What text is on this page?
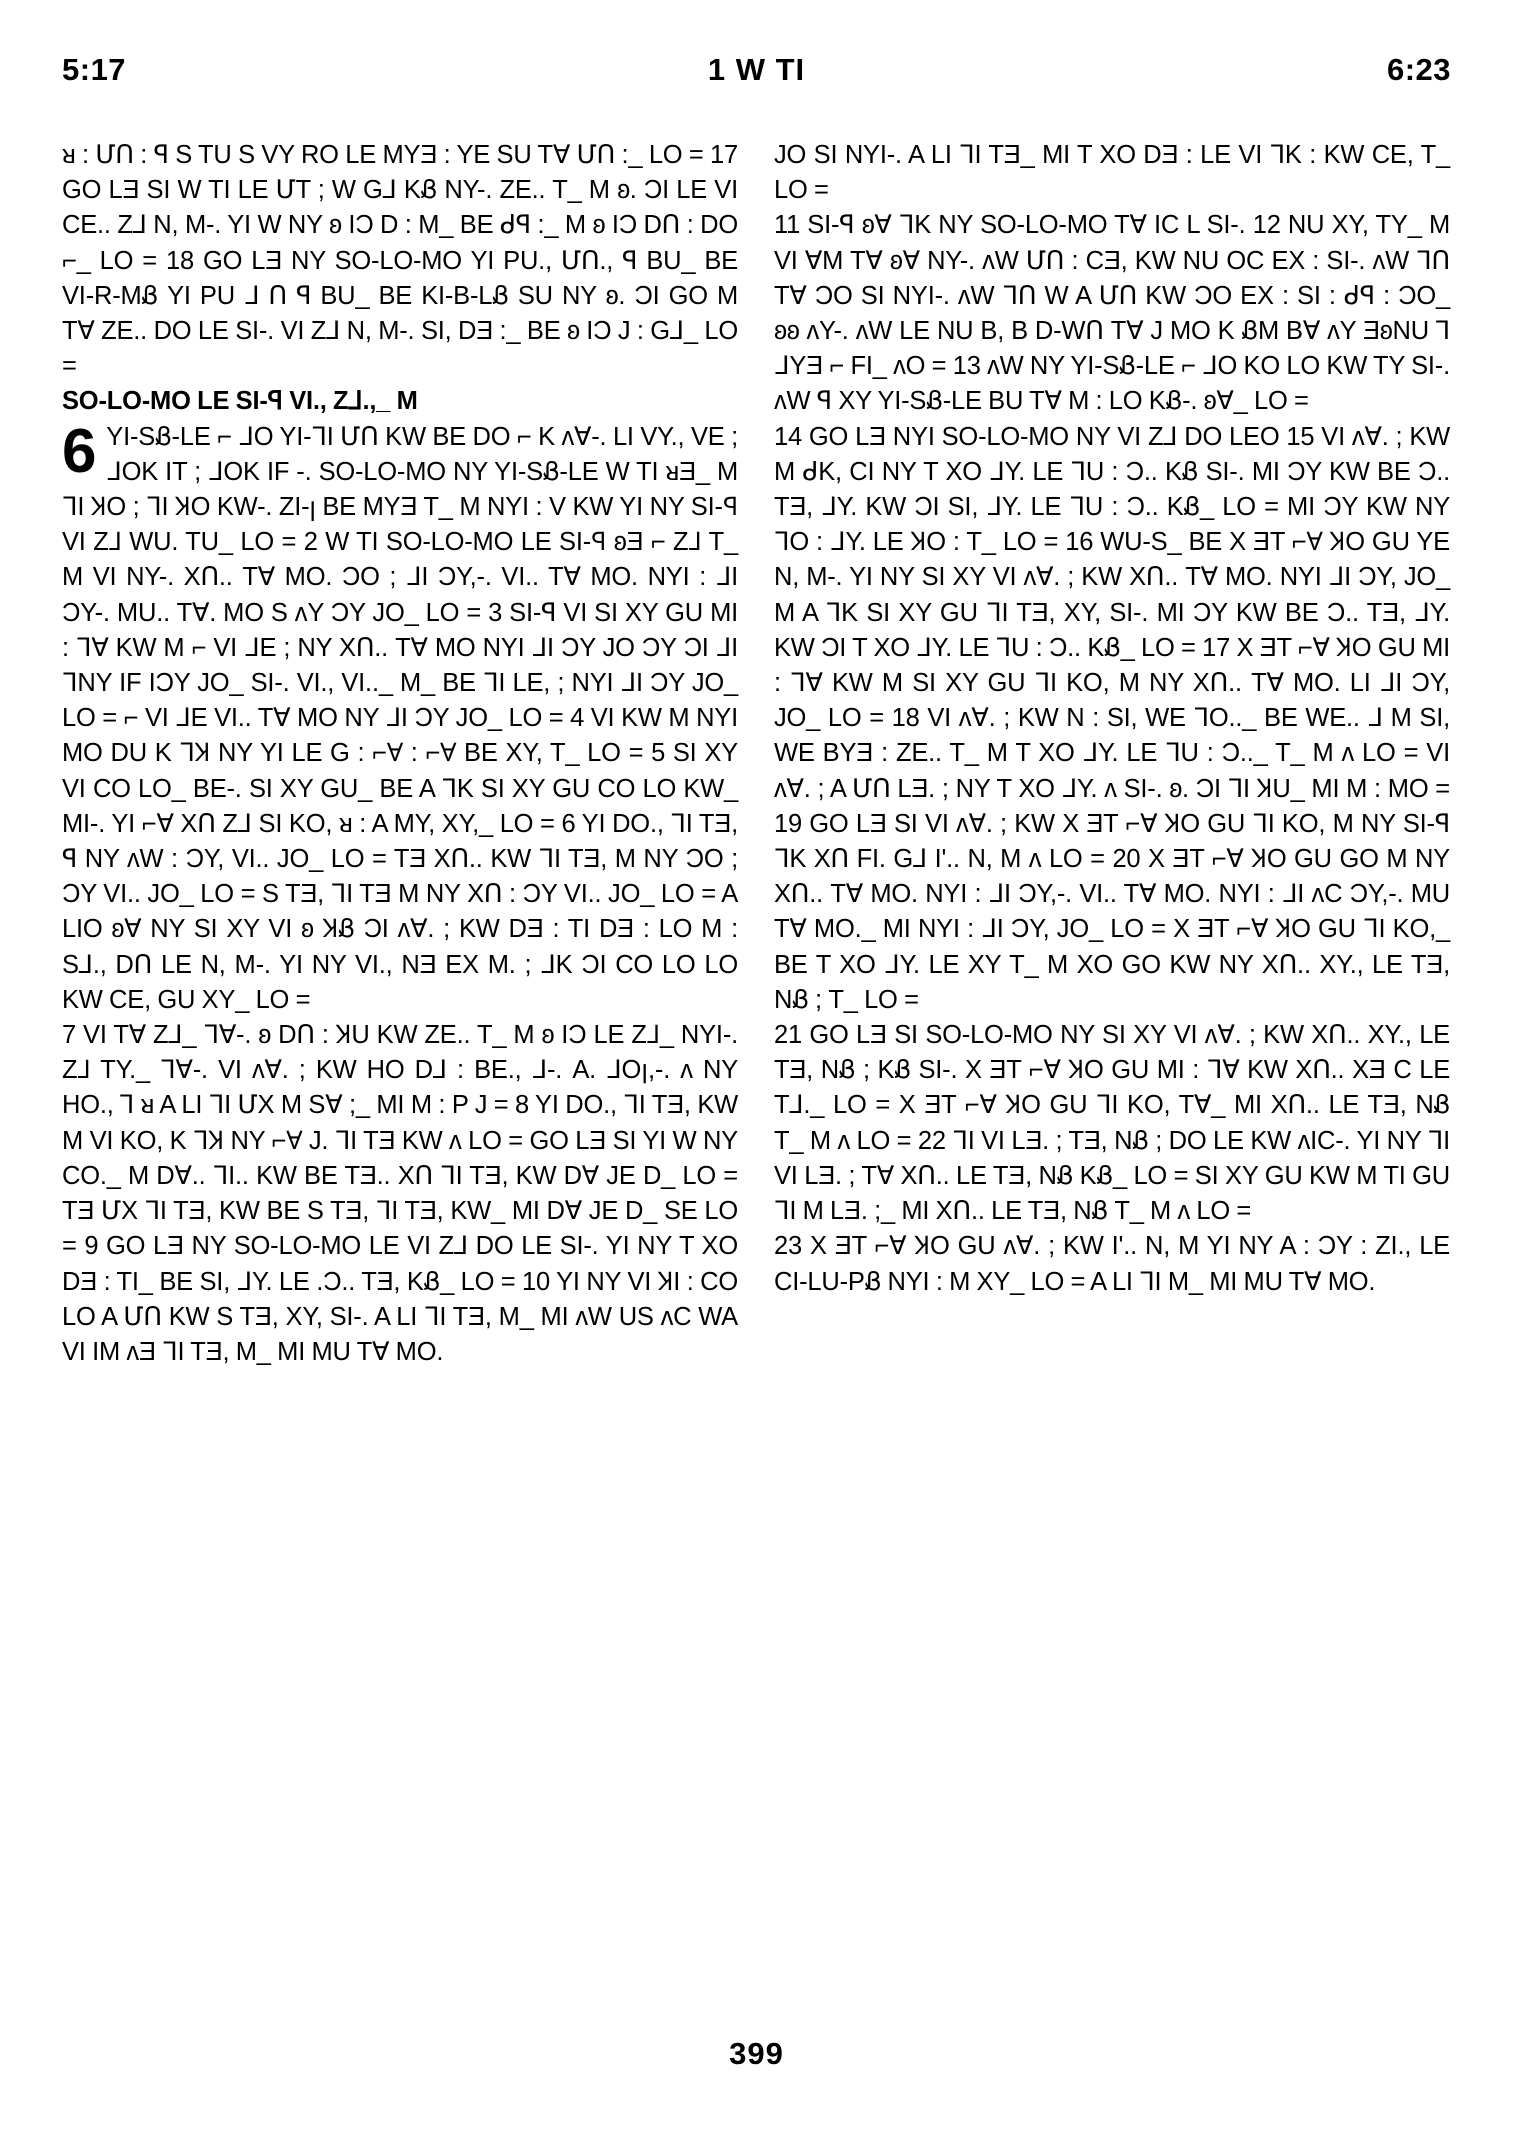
5:17	1 W TI	6:23

ᴚ : ՄՈ : ꟼ S TU S VY RO LE MYƎ : YE SU TⱯ ՄՈ :_ LO = 17 GO LƎ SI W TI LE ՄT ; W G⅃ KᏰ NY-. ZE.. T_ M ʚ. ƆI LE VI CE.. Z⅃ N, M-. YI W NY ʚ IƆ D : M_ BE ᑯꟼ :_ M ʚ IƆ DՈ : DO ⌐_ LO = 18 GO LƎ NY SO-LO-MO YI PU., ՄՈ., ꟼ BU_ BE VI-R-MᏰ YI PU ᒧ Ո ꟼ BU_ BE KI-B-LᏰ SU NY ʚ. ƆI GO M TⱯ ZE.. DO LE SI-. VI Z⅃ N, M-. SI, DƎ :_ BE ʚ IƆ J : G⅃_ LO =

SO-LO-MO LE SI-ꟼ VI., Z⅃.,_ M

6 YI-SᏰ-LE ⌐ ᒧO YI-ᒣI ՄՈ KW BE DO ⌐ K ᴧⱯ-. LI VY., VE ; ᒧOK IT ; ᒧOK IF -. SO-LO-MO NY YI-SᏰ-LE W TI ᴚƎ_ M ᒣI ꞰO ; ᒣI ꞰO KW-. ZI-ꞁ BE MYƎ T_ M NYI : V KW YI NY SI-ꟼ VI Z⅃ WU. TU_ LO = 2 W TI SO-LO-MO LE SI-ꟼ ʚƎ ⌐ Z⅃ T_ M VI NY-. XՈ.. TⱯ MO. ƆO ; ᒧI ƆY,-. VI.. TⱯ MO. NYI : ᒧI ƆY-. MU.. TⱯ. MO S ᴧY ƆY JO_ LO = 3 SI-ꟼ VI SI XY GU MI : ᒣⱯ KW M ⌐ VI ᒧE ; NY XՈ.. TⱯ MO NYI ᒧI ƆY JO ƆY ƆI ᒧI ᒣNY IF IƆY JO_ SI-. VI., VI.._ M_ BE ᒣI LE, ; NYI ᒧI ƆY JO_ LO = ⌐ VI ᒧE VI.. TⱯ MO NY ᒧI ƆY JO_ LO = 4 VI KW M NYI MO DU K ᒣꞰ NY YI LE G : ⌐Ɐ : ⌐Ɐ BE XY, T_ LO = 5 SI XY VI CO LO_ BE-. SI XY GU_ BE A ᒣK SI XY GU CO LO KW_ MI-. YI ⌐Ɐ XՈ Z⅃ SI KO, ᴚ : A MY, XY,_ LO = 6 YI DO., ᒣI TƎ, ꟼ NY ᴧW : ƆY, VI.. JO_ LO = TƎ XՈ.. KW ᒣI TƎ, M NY ƆO ; ƆY VI.. JO_ LO = S TƎ, ᒣI TƎ M NY XՈ : ƆY VI.. JO_ LO = A LIO ʚⱯ NY SI XY VI ʚ ꞰᏰ ƆI ᴧⱯ. ; KW DƎ : TI DƎ : LO M : S⅃., DՈ LE N, M-. YI NY VI., NƎ EX M. ; ᒧK ƆI CO LO LO KW CE, GU XY_ LO =

7 VI TⱯ Z⅃_ ᒣⱯ-. ʚ DՈ : ꞰU KW ZE.. T_ M ʚ IƆ LE Z⅃_ NYI-. Z⅃ TY._ ᒣⱯ-. VI ᴧⱯ. ; KW HO D⅃ : BE., ᒧ-. A. ᒧOꞁ,-. ᴧ NY HO., ⅂ ᴚ A LI ᒣI ՄX M SⱯ ;_ MI M : P J = 8 YI DO., ᒣI TƎ, KW M VI KO, K ᒣꞰ NY ⌐Ɐ J. ᒣI TƎ KW ᴧ LO = GO LƎ SI YI W NY CO._ M DⱯ.. ᒣI.. KW BE TƎ.. XՈ ᒣI TƎ, KW DⱯ JE D_ LO = TƎ ՄX ᒣI TƎ, KW BE S TƎ, ᒣI TƎ, KW_ MI DⱯ JE D_ SE LO = 9 GO LƎ NY SO-LO-MO LE VI Z⅃ DO LE SI-. YI NY T XO DƎ : TI_ BE SI, ᒧY. LE .Ɔ.. TƎ, KᏰ_ LO = 10 YI NY VI ꞰI : CO LO A ՄՈ KW S TƎ, XY, SI-. A LI ᒣI TƎ, M_ MI ᴧW US ᴧC WA VI IM ᴧƎ ᒣI TƎ, M_ MI MU TⱯ MO.

JO SI NYI-. A LI ᒣI TƎ_ MI T XO DƎ : LE VI ᒣK : KW CE, T_ LO =

11 SI-ꟼ ʚⱯ ᒣK NY SO-LO-MO TⱯ IC L SI-. 12 NU XY, TY_ M VI ⱯM TⱯ ʚⱯ NY-. ᴧW ՄՈ : CƎ, KW NU OC EX : SI-. ᴧW ᒣՈ TⱯ ƆO SI NYI-. ᴧW ᒣՈ W A ՄՈ KW ƆO EX : SI : ᑯꟼ : ƆO_ ʚʚ ᴧY-. ᴧW LE NU B, B D-WՈ TⱯ J MO K ᏰM BⱯ ᴧY ƎʚNU ⅂ ᒧYƎ ⌐ FI_ ᴧO = 13 ᴧW NY YI-SᏰ-LE ⌐ ᒧO KO LO KW TY SI-. ᴧW ꟼ XY YI-SᏰ-LE BU TⱯ M : LO KᏰ-. ʚⱯ_ LO =

14 GO LƎ NYI SO-LO-MO NY VI Z⅃ DO LEO 15 VI ᴧⱯ. ; KW M ᑯK, CI NY T XO ᒧY. LE ᒣU : Ɔ.. KᏰ SI-. MI ƆY KW BE Ɔ.. TƎ, ᒧY. KW ƆI SI, ᒧY. LE ᒣU : Ɔ.. KᏰ_ LO = MI ƆY KW NY ᒣO : ᒧY. LE ꞰO : T_ LO = 16 WU-S_ BE X ƎT ⌐Ɐ ꞰO GU YE N, M-. YI NY SI XY VI ᴧⱯ. ; KW XՈ.. TⱯ MO. NYI ᒧI ƆY, JO_ M A ᒣK SI XY GU ᒣI TƎ, XY, SI-. MI ƆY KW BE Ɔ.. TƎ, ᒧY. KW ƆI T XO ᒧY. LE ᒣU : Ɔ.. KᏰ_ LO = 17 X ƎT ⌐Ɐ ꞰO GU MI : ᒣⱯ KW M SI XY GU ᒣI KO, M NY XՈ.. TⱯ MO. LI ᒧI ƆY, JO_ LO = 18 VI ᴧⱯ. ; KW N : SI, WE ᒣO.._ BE WE.. ᒧ M SI, WE BYƎ : ZE.. T_ M T XO ᒧY. LE ᒣU : Ɔ.._ T_ M ᴧ LO = VI ᴧⱯ. ; A ՄՈ LƎ. ; NY T XO ᒧY. ᴧ SI-. ʚ. ƆI ᒣI ꞰU_ MI M : MO = 19 GO LƎ SI VI ᴧⱯ. ; KW X ƎT ⌐Ɐ ꞰO GU ᒣI KO, M NY SI-ꟼ ᒣK XՈ FI. G⅃ I'.. N, M ᴧ LO = 20 X ƎT ⌐Ɐ ꞰO GU GO M NY XՈ.. TⱯ MO. NYI : ᒧI ƆY,-. VI.. TⱯ MO. NYI : ᒧI ᴧC ƆY,-. MU TⱯ MO._ MI NYI : ᒧI ƆY, JO_ LO = X ƎT ⌐Ɐ ꞰO GU ᒣI KO,_ BE T XO ᒧY. LE XY T_ M XO GO KW NY XՈ.. XY., LE TƎ, NᏰ ; T_ LO =

21 GO LƎ SI SO-LO-MO NY SI XY VI ᴧⱯ. ; KW XՈ.. XY., LE TƎ, NᏰ ; KᏰ SI-. X ƎT ⌐Ɐ ꞰO GU MI : ᒣⱯ KW XՈ.. XƎ C LE T⅃._ LO = X ƎT ⌐Ɐ ꞰO GU ᒣI KO, TⱯ_ MI XՈ.. LE TƎ, NᏰ T_ M ᴧ LO = 22 ᒣI VI LƎ. ; TƎ, NᏰ ; DO LE KW ᴧIC-. YI NY ᒣI VI LƎ. ; TⱯ XՈ.. LE TƎ, NᏰ KᏰ_ LO = SI XY GU KW M TI GU ᒣI M LƎ. ;_ MI XՈ.. LE TƎ, NᏰ T_ M ᴧ LO =

23 X ƎT ⌐Ɐ ꞰO GU ᴧⱯ. ; KW I'.. N, M YI NY A : ƆY : ZI., LE CI-LU-PᏰ NYI : M XY_ LO = A LI ᒣI M_ MI MU TⱯ MO.

399
